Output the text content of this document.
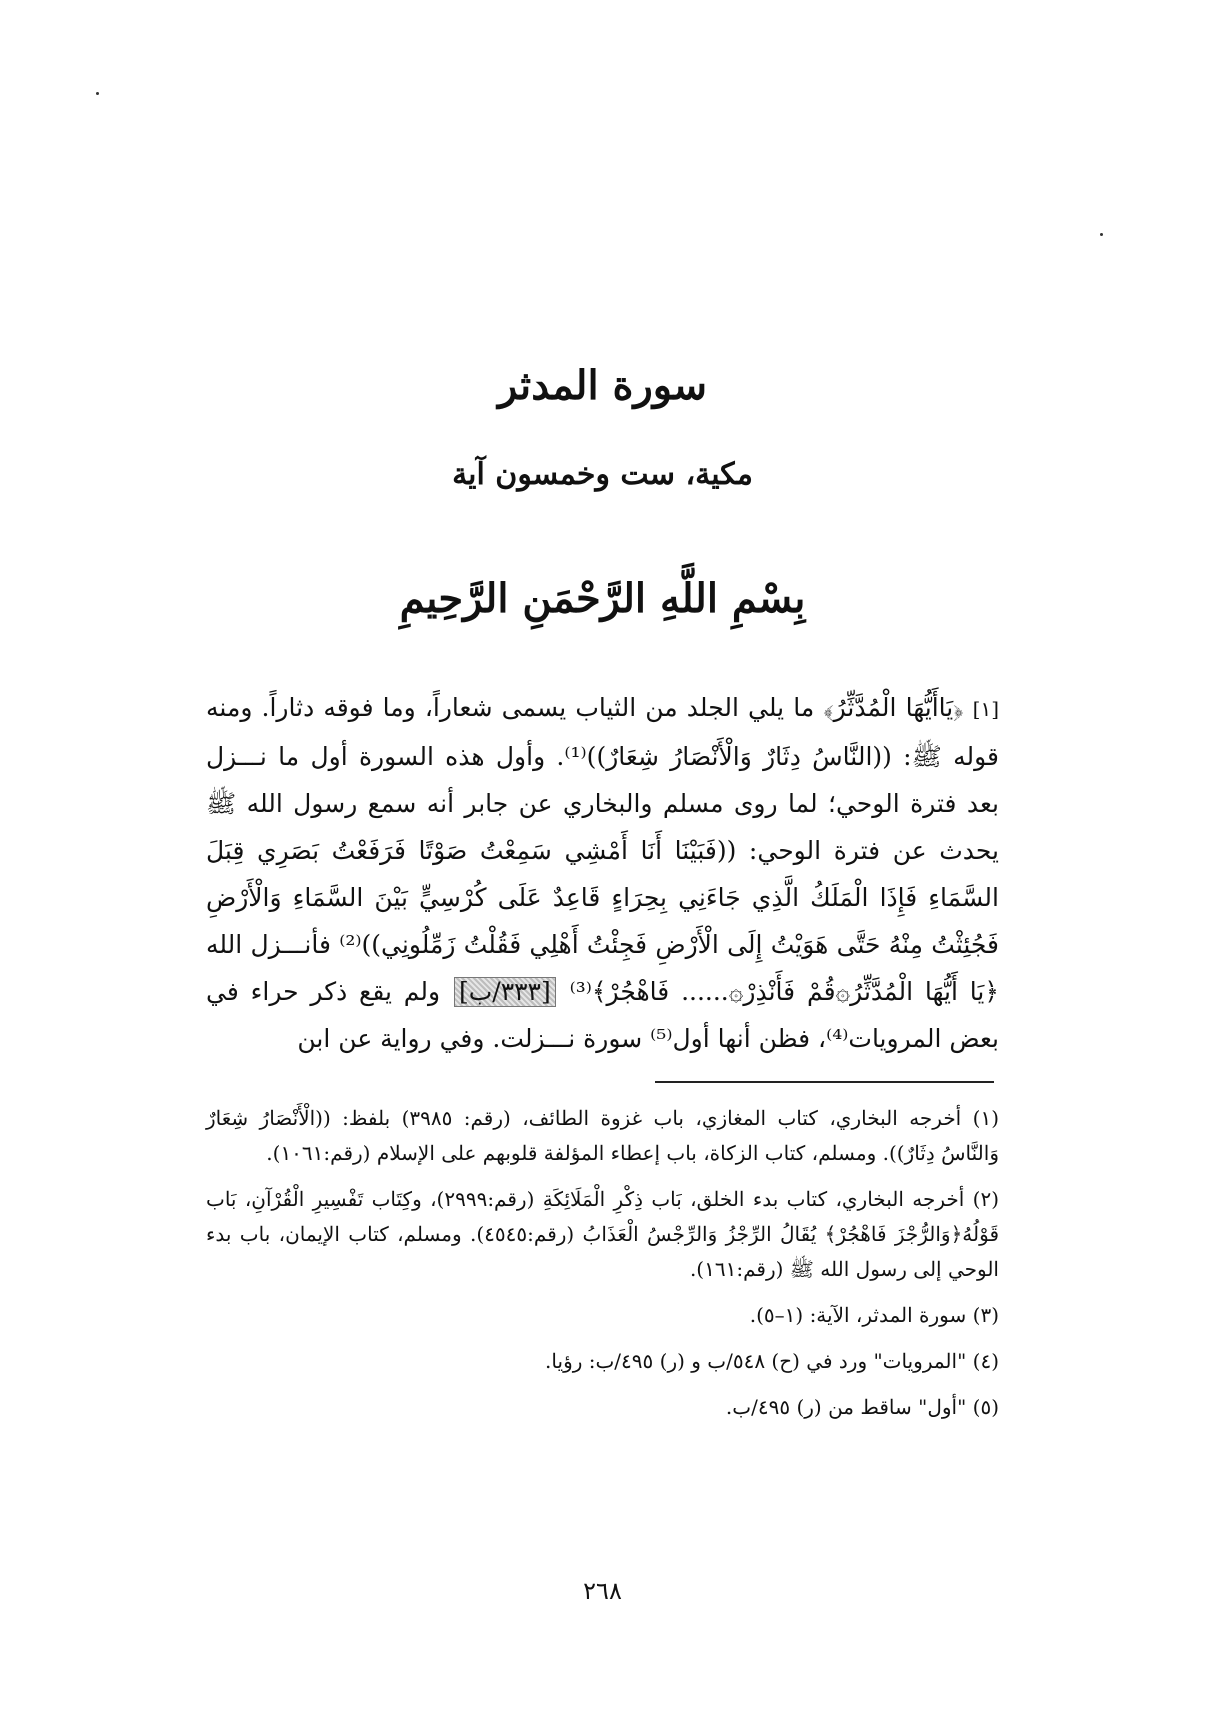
سورة المدثر
مكية، ست وخمسون آية
بِسْمِ اللَّهِ الرَّحْمَنِ الرَّحِيمِ

[١] ﴿يَاأَيُّهَا الْمُدَّثِّرُ﴾ ما يلي الجلد من الثياب يسمى شعاراً، وما فوقه دثاراً. ومنه قوله ﷺ: ((النَّاسُ دِثَارٌ وَالْأَنْصَارُ شِعَارٌ))⁽¹⁾. وأول هذه السورة أول ما نـــزل بعد فترة الوحي؛ لما روى مسلم والبخاري عن جابر أنه سمع رسول الله ﷺ يحدث عن فترة الوحي: ((فَبَيْنَا أَنَا أَمْشِي سَمِعْتُ صَوْتًا فَرَفَعْتُ بَصَرِي قِبَلَ السَّمَاءِ فَإِذَا الْمَلَكُ الَّذِي جَاءَنِي بِحِرَاءٍ قَاعِدٌ عَلَى كُرْسِيٍّ بَيْنَ السَّمَاءِ وَالْأَرْضِ فَجُئِثْتُ مِنْهُ حَتَّى هَوَيْتُ إِلَى الْأَرْضِ فَجِئْتُ أَهْلِي فَقُلْتُ زَمِّلُونِي))⁽²⁾ فأنـــزل الله ﴿يَا أَيُّهَا الْمُدَّثِّرُ۞قُمْ فَأَنْذِرْ۞...... فَاهْجُرْ﴾⁽³⁾ [٣٣٣/ب] ولم يقع ذكر حراء في بعض المرويات⁽⁴⁾، فظن أنها أول⁽⁵⁾ سورة نـــزلت. وفي رواية عن ابن

(١) أخرجه البخاري، كتاب المغازي، باب غزوة الطائف، (رقم: ٣٩٨٥) بلفظ: ((الْأَنْصَارُ شِعَارٌ وَالنَّاسُ دِثَارٌ)). ومسلم، كتاب الزكاة، باب إعطاء المؤلفة قلوبهم على الإسلام (رقم:١٠٦١).

(٢) أخرجه البخاري، كتاب بدء الخلق، بَاب ذِكْرِ الْمَلَائِكَةِ (رقم:٢٩٩٩)، وكِتَاب تَفْسِيرِ الْقُرْآنِ، بَاب قَوْلُهُ﴿وَالرُّجْزَ فَاهْجُرْ﴾ يُقَالُ الرِّجْزُ وَالرِّجْسُ الْعَذَابُ (رقم:٤٥٤٥). ومسلم، كتاب الإيمان، باب بدء الوحي إلى رسول الله ﷺ (رقم:١٦١).

(٣) سورة المدثر، الآية: (١–٥).

(٤) "المرويات" ورد في (ح) ٥٤٨/ب و (ر) ٤٩٥/ب: رؤيا.

(٥) "أول" ساقط من (ر) ٤٩٥/ب.

٢٦٨
